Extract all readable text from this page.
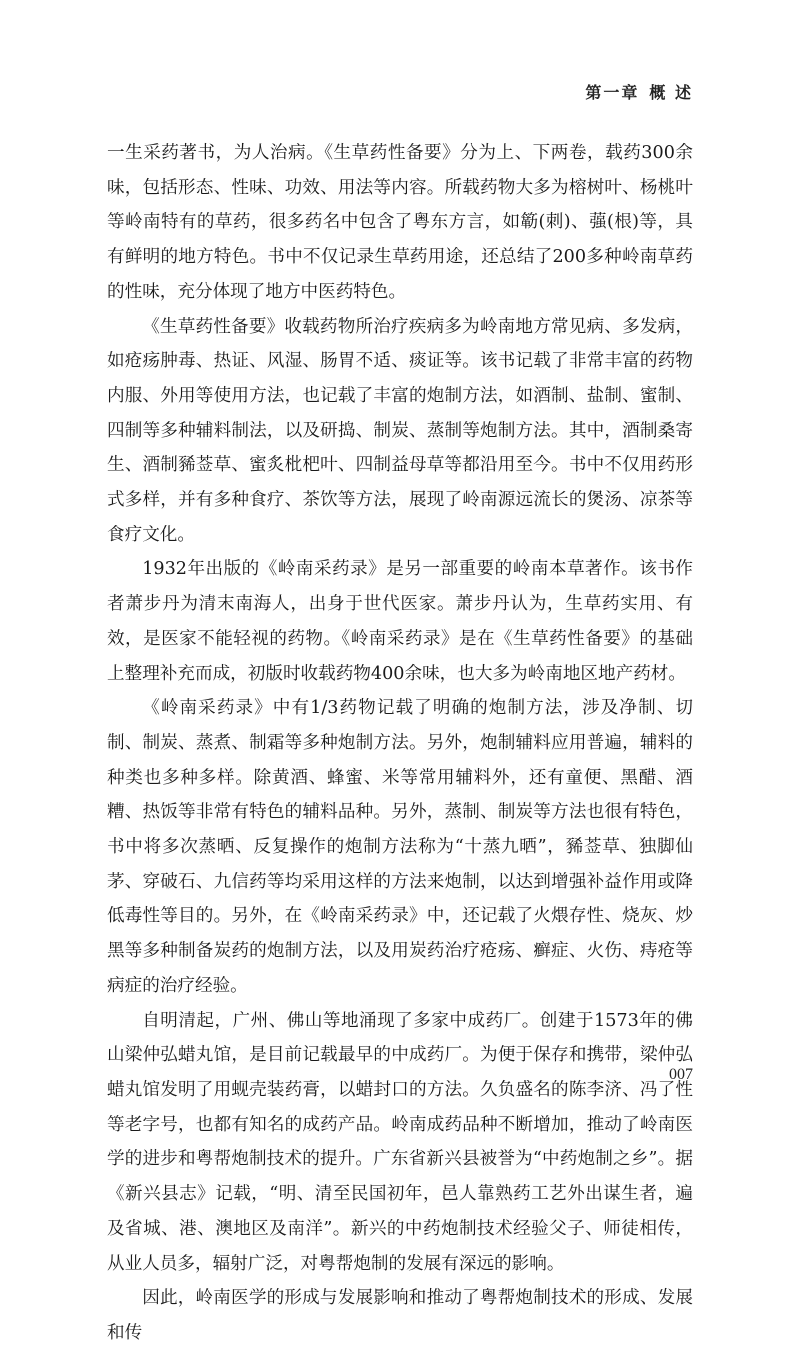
第一章 概 述

一生采药著书，为人治病。《生草药性备要》分为上、下两卷，载药300余味，包括形态、性味、功效、用法等内容。所载药物大多为榕树叶、杨桃叶等岭南特有的草药，很多药名中包含了粤东方言，如簕(刺)、蔃(根)等，具有鲜明的地方特色。书中不仅记录生草药用途，还总结了200多种岭南草药的性味，充分体现了地方中医药特色。

《生草药性备要》收载药物所治疗疾病多为岭南地方常见病、多发病，如疮疡肿毒、热证、风湿、肠胃不适、痰证等。该书记载了非常丰富的药物内服、外用等使用方法，也记载了丰富的炮制方法，如酒制、盐制、蜜制、四制等多种辅料制法，以及研捣、制炭、蒸制等炮制方法。其中，酒制桑寄生、酒制豨莶草、蜜炙枇杷叶、四制益母草等都沿用至今。书中不仅用药形式多样，并有多种食疗、茶饮等方法，展现了岭南源远流长的煲汤、凉茶等食疗文化。

1932年出版的《岭南采药录》是另一部重要的岭南本草著作。该书作者萧步丹为清末南海人，出身于世代医家。萧步丹认为，生草药实用、有效，是医家不能轻视的药物。《岭南采药录》是在《生草药性备要》的基础上整理补充而成，初版时收载药物400余味，也大多为岭南地区地产药材。

《岭南采药录》中有1/3药物记载了明确的炮制方法，涉及净制、切制、制炭、蒸煮、制霜等多种炮制方法。另外，炮制辅料应用普遍，辅料的种类也多种多样。除黄酒、蜂蜜、米等常用辅料外，还有童便、黑醋、酒糟、热饭等非常有特色的辅料品种。另外，蒸制、制炭等方法也很有特色，书中将多次蒸晒、反复操作的炮制方法称为“十蒸九晒”，豨莶草、独脚仙茅、穿破石、九信药等均采用这样的方法来炮制，以达到增强补益作用或降低毒性等目的。另外，在《岭南采药录》中，还记载了火煨存性、烧灰、炒黑等多种制备炭药的炮制方法，以及用炭药治疗疮疡、癣症、火伤、痔疮等病症的治疗经验。

自明清起，广州、佛山等地涌现了多家中成药厂。创建于1573年的佛山梁仲弘蜡丸馆，是目前记载最早的中成药厂。为便于保存和携带，梁仲弘蜡丸馆发明了用蚬壳装药膏，以蜡封口的方法。久负盛名的陈李济、冯了性等老字号，也都有知名的成药产品。岭南成药品种不断增加，推动了岭南医学的进步和粤帮炮制技术的提升。广东省新兴县被誉为“中药炮制之乡”。据《新兴县志》记载，“明、清至民国初年，邑人靠熟药工艺外出谋生者，遍及省城、港、澳地区及南洋”。新兴的中药炮制技术经验父子、师徒相传，从业人员多，辐射广泛，对粤帮炮制的发展有深远的影响。

因此，岭南医学的形成与发展影响和推动了粤帮炮制技术的形成、发展和传

007
